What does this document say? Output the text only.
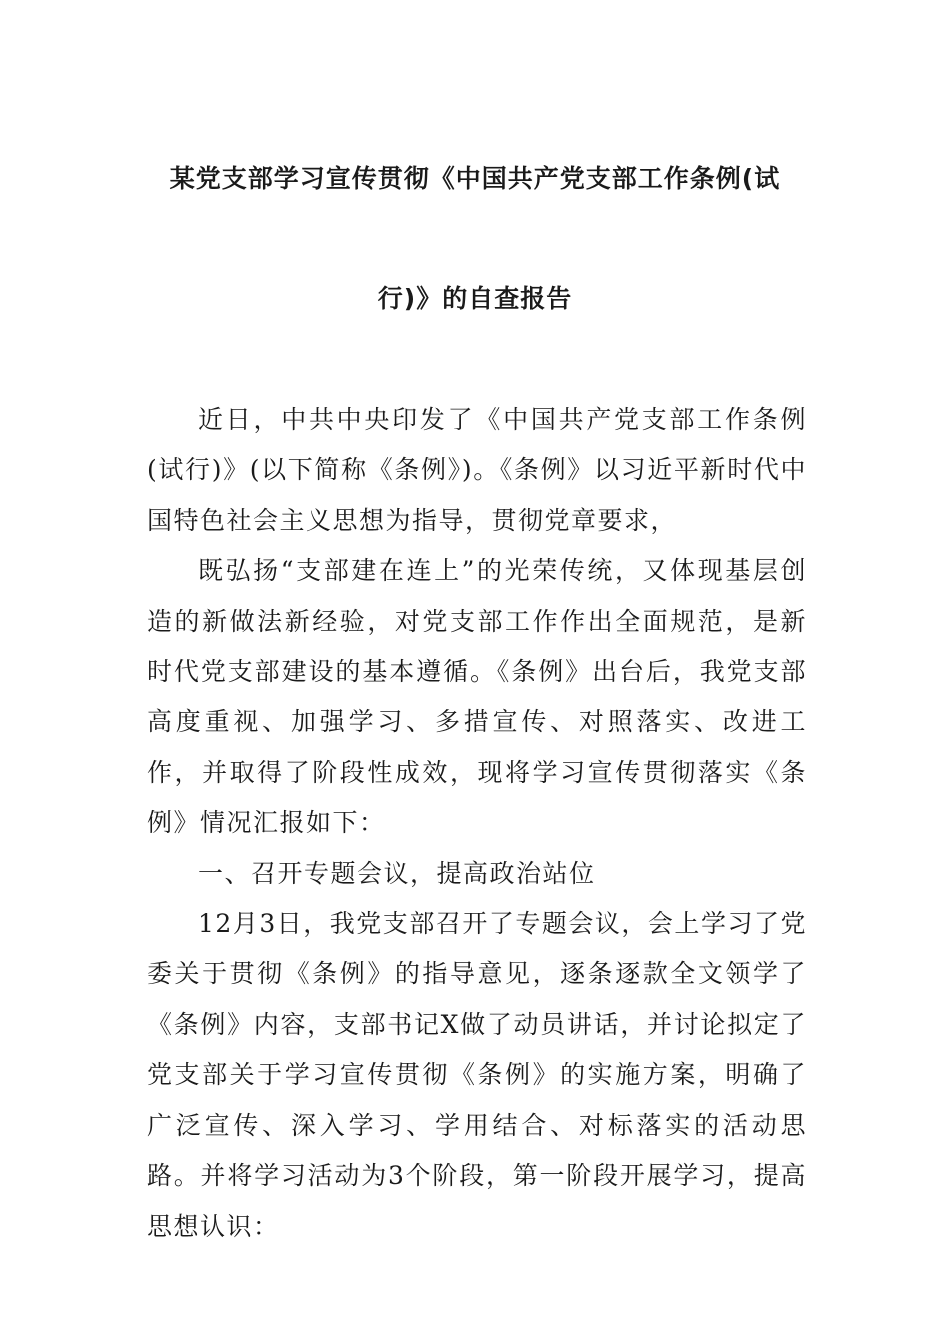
某党支部学习宣传贯彻《中国共产党支部工作条例(试
行)》的自查报告

近日，中共中央印发了《中国共产党支部工作条例(试行)》(以下简称《条例》)。《条例》以习近平新时代中国特色社会主义思想为指导，贯彻党章要求，

既弘扬“支部建在连上”的光荣传统，又体现基层创造的新做法新经验，对党支部工作作出全面规范，是新时代党支部建设的基本遵循。《条例》出台后，我党支部高度重视、加强学习、多措宣传、对照落实、改进工作，并取得了阶段性成效，现将学习宣传贯彻落实《条例》情况汇报如下：

一、召开专题会议，提高政治站位

12月3日，我党支部召开了专题会议，会上学习了党委关于贯彻《条例》的指导意见，逐条逐款全文领学了《条例》内容，支部书记X做了动员讲话，并讨论拟定了党支部关于学习宣传贯彻《条例》的实施方案，明确了广泛宣传、深入学习、学用结合、对标落实的活动思路。并将学习活动为3个阶段，第一阶段开展学习，提高思想认识：
